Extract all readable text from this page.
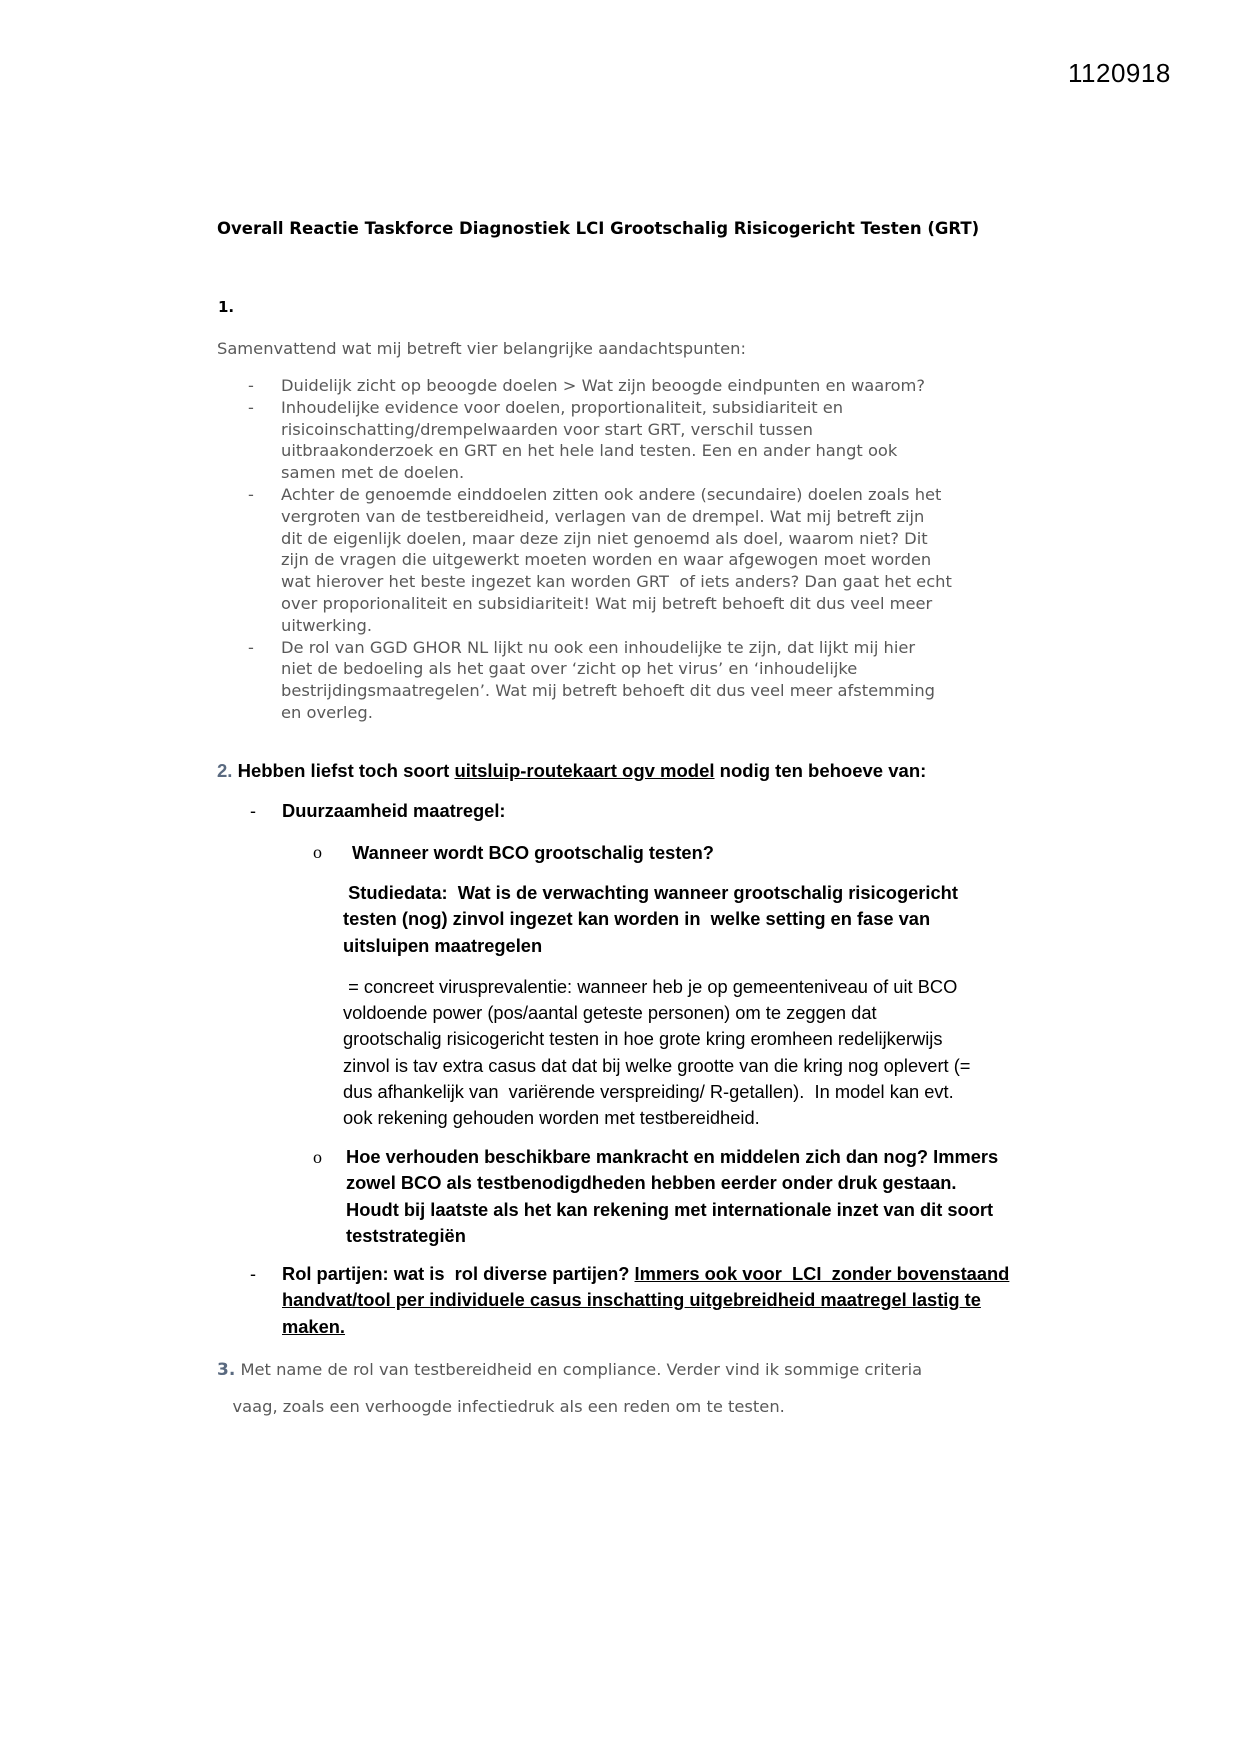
1120918
Overall Reactie Taskforce Diagnostiek LCI Grootschalig Risicogericht Testen (GRT)
1.
Samenvattend wat mij betreft vier belangrijke aandachtspunten:
- Duidelijk zicht op beoogde doelen > Wat zijn beoogde eindpunten en waarom?
- Inhoudelijke evidence voor doelen, proportionaliteit, subsidiariteit en
risicoinschatting/drempelwaarden voor start GRT, verschil tussen
uitbraakonderzoek en GRT en het hele land testen. Een en ander hangt ook
samen met de doelen.
- Achter de genoemde einddoelen zitten ook andere (secundaire) doelen zoals het
vergroten van de testbereidheid, verlagen van de drempel. Wat mij betreft zijn
dit de eigenlijk doelen, maar deze zijn niet genoemd als doel, waarom niet? Dit
zijn de vragen die uitgewerkt moeten worden en waar afgewogen moet worden
wat hierover het beste ingezet kan worden GRT  of iets anders? Dan gaat het echt
over proporionaliteit en subsidiariteit! Wat mij betreft behoeft dit dus veel meer
uitwerking.
- De rol van GGD GHOR NL lijkt nu ook een inhoudelijke te zijn, dat lijkt mij hier
niet de bedoeling als het gaat over ‘zicht op het virus’ en ‘inhoudelijke
bestrijdingsmaatregelen’. Wat mij betreft behoeft dit dus veel meer afstemming
en overleg.
2. Hebben liefst toch soort uitsluip-routekaart ogv model nodig ten behoeve van:
- Duurzaamheid maatregel:
o Wanneer wordt BCO grootschalig testen?
Studiedata:  Wat is de verwachting wanneer grootschalig risicogericht
testen (nog) zinvol ingezet kan worden in  welke setting en fase van
uitsluipen maatregelen
= concreet virusprevalentie: wanneer heb je op gemeenteniveau of uit BCO
voldoende power (pos/aantal geteste personen) om te zeggen dat
grootschalig risicogericht testen in hoe grote kring eromheen redelijkerwijs
zinvol is tav extra casus dat dat bij welke grootte van die kring nog oplevert (=
dus afhankelijk van  variërende verspreiding/ R-getallen).  In model kan evt.
ook rekening gehouden worden met testbereidheid.
o Hoe verhouden beschikbare mankracht en middelen zich dan nog? Immers
zowel BCO als testbenodigdheden hebben eerder onder druk gestaan.
Houdt bij laatste als het kan rekening met internationale inzet van dit soort
teststrategiën
- Rol partijen: wat is  rol diverse partijen? Immers ook voor  LCI  zonder bovenstaand
handvat/tool per individuele casus inschatting uitgebreidheid maatregel lastig te
maken.
3. Met name de rol van testbereidheid en compliance. Verder vind ik sommige criteria
vaag, zoals een verhoogde infectiedruk als een reden om te testen.
